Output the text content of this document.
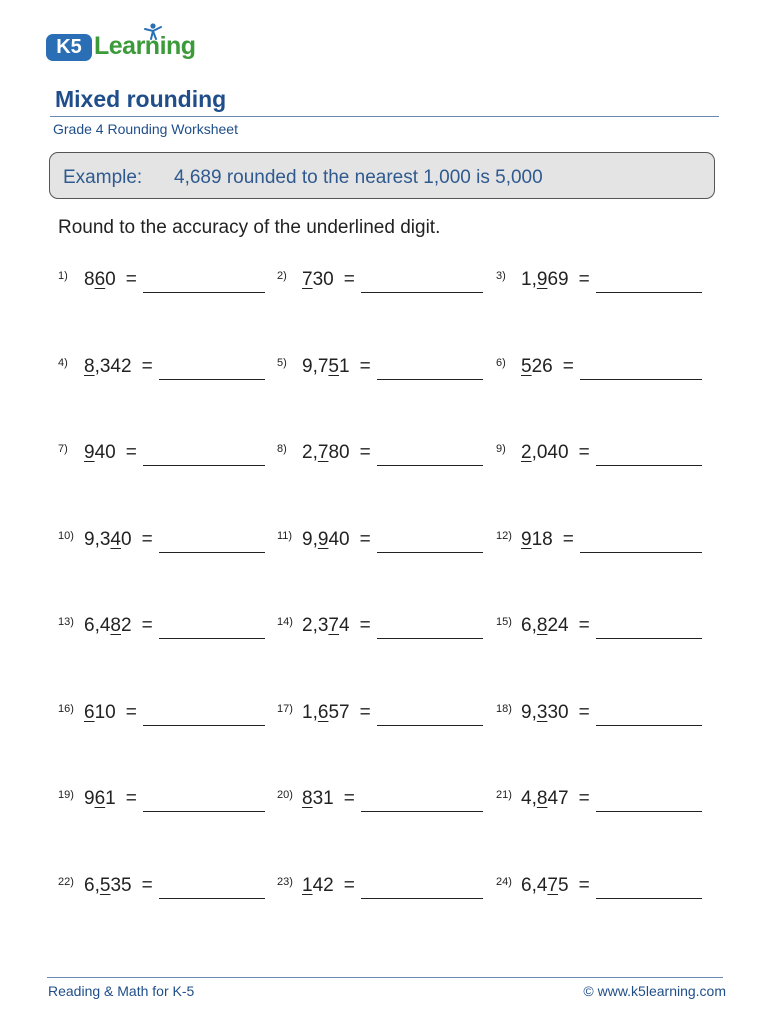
K5 Learning
Mixed rounding
Grade 4 Rounding Worksheet
Example: 4,689 rounded to the nearest 1,000 is 5,000
Round to the accuracy of the underlined digit.
1) 860 =	2) 730 =	3) 1,969 =
4) 8,342 =	5) 9,751 =	6) 526 =
7) 940 =	8) 2,780 =	9) 2,040 =
10) 9,340 =	11) 9,940 =	12) 918 =
13) 6,482 =	14) 2,374 =	15) 6,824 =
16) 610 =	17) 1,657 =	18) 9,330 =
19) 961 =	20) 831 =	21) 4,847 =
22) 6,535 =	23) 142 =	24) 6,475 =
Reading & Math for K-5	© www.k5learning.com
